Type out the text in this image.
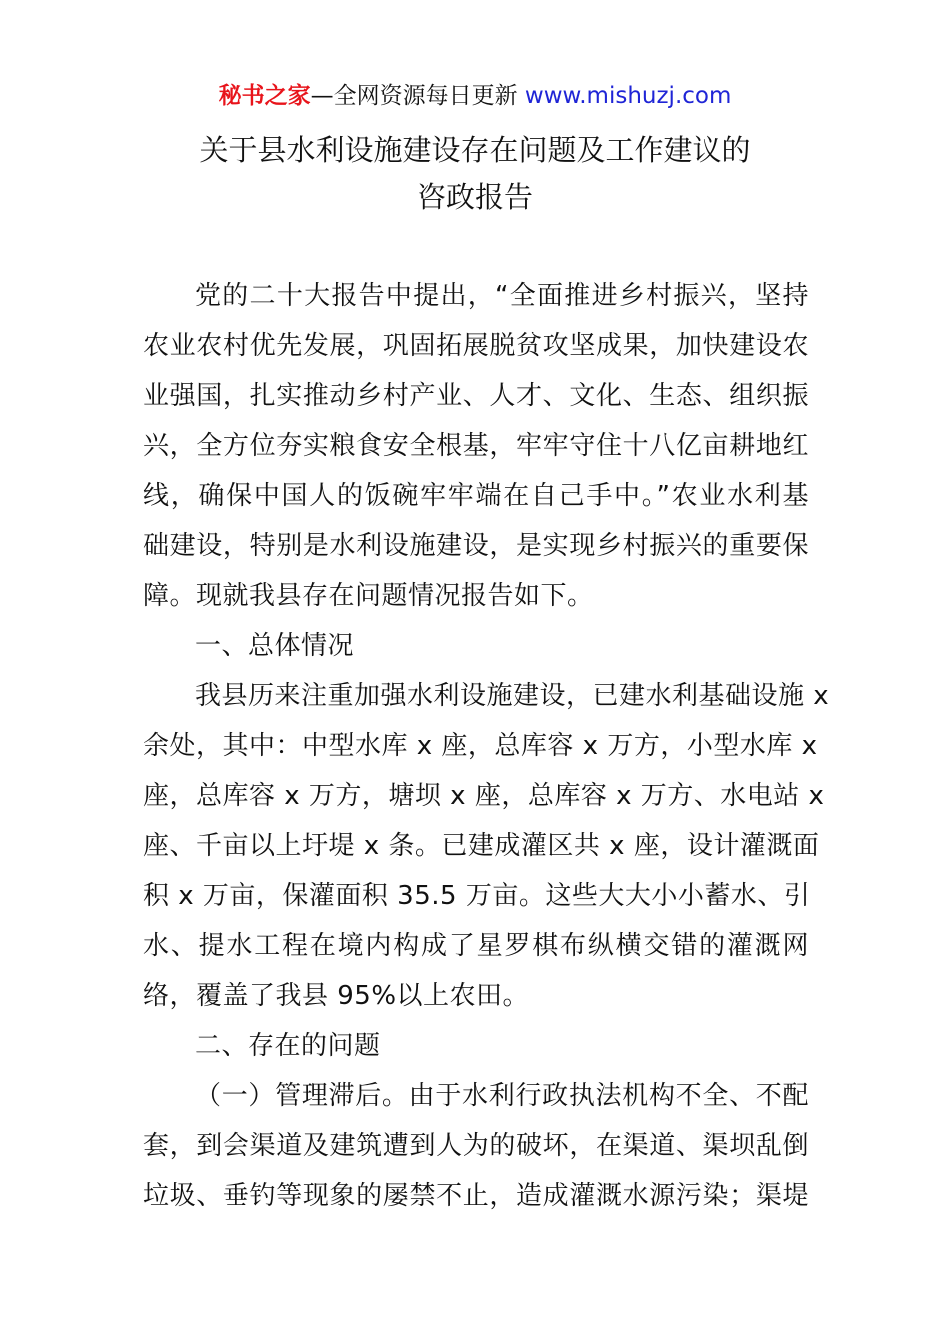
秘书之家—全网资源每日更新 www.mishuzj.com
关于县水利设施建设存在问题及工作建议的
咨政报告
党的二十大报告中提出，“全面推进乡村振兴，坚持
农业农村优先发展，巩固拓展脱贫攻坚成果，加快建设农
业强国，扎实推动乡村产业、人才、文化、生态、组织振
兴，全方位夯实粮食安全根基，牢牢守住十八亿亩耕地红
线，确保中国人的饭碗牢牢端在自己手中。”农业水利基
础建设，特别是水利设施建设，是实现乡村振兴的重要保
障。现就我县存在问题情况报告如下。
一、总体情况
我县历来注重加强水利设施建设，已建水利基础设施 x
余处，其中：中型水库 x 座，总库容 x 万方，小型水库 x
座，总库容 x 万方，塘坝 x 座，总库容 x 万方、水电站 x
座、千亩以上圩堤 x 条。已建成灌区共 x 座，设计灌溉面
积 x 万亩，保灌面积 35.5 万亩。这些大大小小蓄水、引
水、提水工程在境内构成了星罗棋布纵横交错的灌溉网
络，覆盖了我县 95%以上农田。
二、存在的问题
（一）管理滞后。由于水利行政执法机构不全、不配
套，到会渠道及建筑遭到人为的破坏，在渠道、渠坝乱倒
垃圾、垂钓等现象的屡禁不止，造成灌溉水源污染；渠堤
